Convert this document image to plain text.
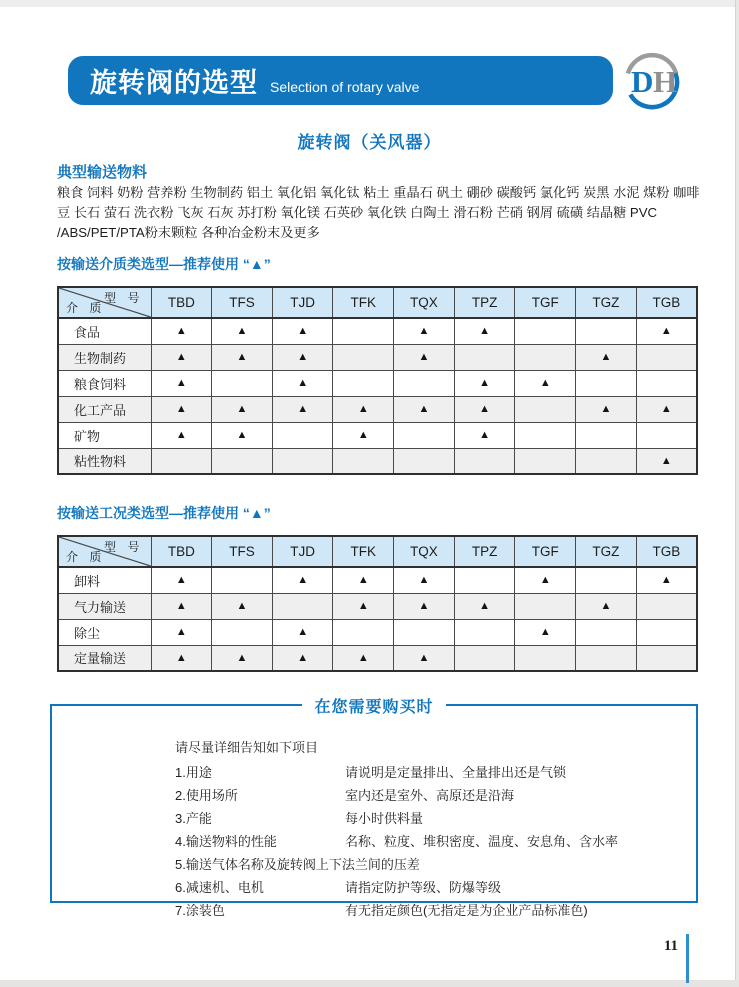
旋转阀的选型 Selection of rotary valve	D H
旋转阀（关风器）
典型输送物料
粮食 饲料 奶粉 营养粉 生物制药 铝土 氧化铝 氧化钛 粘土 重晶石 矾土 硼砂 碳酸钙 氯化钙 炭黑 水泥 煤粉 咖啡豆 长石 萤石 洗衣粉 飞灰 石灰 苏打粉 氧化镁 石英砂 氧化铁 白陶土 滑石粉 芒硝 钢屑 硫磺 结晶糖 PVC /ABS/PET/PTA粉末颗粒 各种冶金粉末及更多
按输送介质类选型—推荐使用 “▲”
型 号
介 质	TBD	TFS	TJD	TFK	TQX	TPZ	TGF	TGZ	TGB
食品	▲	▲	▲		▲	▲			▲
生物制药	▲	▲	▲		▲			▲	
粮食饲料	▲		▲			▲	▲		
化工产品	▲	▲	▲	▲	▲	▲		▲	▲
矿物	▲	▲		▲		▲			
粘性物料									▲
按输送工况类选型—推荐使用 “▲”
型 号
介 质	TBD	TFS	TJD	TFK	TQX	TPZ	TGF	TGZ	TGB
卸料	▲		▲	▲	▲		▲		▲
气力输送	▲	▲		▲	▲	▲		▲	
除尘	▲		▲				▲		
定量输送	▲	▲	▲	▲	▲				
在您需要购买时
请尽量详细告知如下项目
1.用途	请说明是定量排出、全量排出还是气锁
2.使用场所	室内还是室外、高原还是沿海
3.产能	每小时供料量
4.输送物料的性能	名称、粒度、堆积密度、温度、安息角、含水率
5.输送气体名称及旋转阀上下法兰间的压差
6.减速机、电机	请指定防护等级、防爆等级
7.涂装色	有无指定颜色(无指定是为企业产品标准色)
11
